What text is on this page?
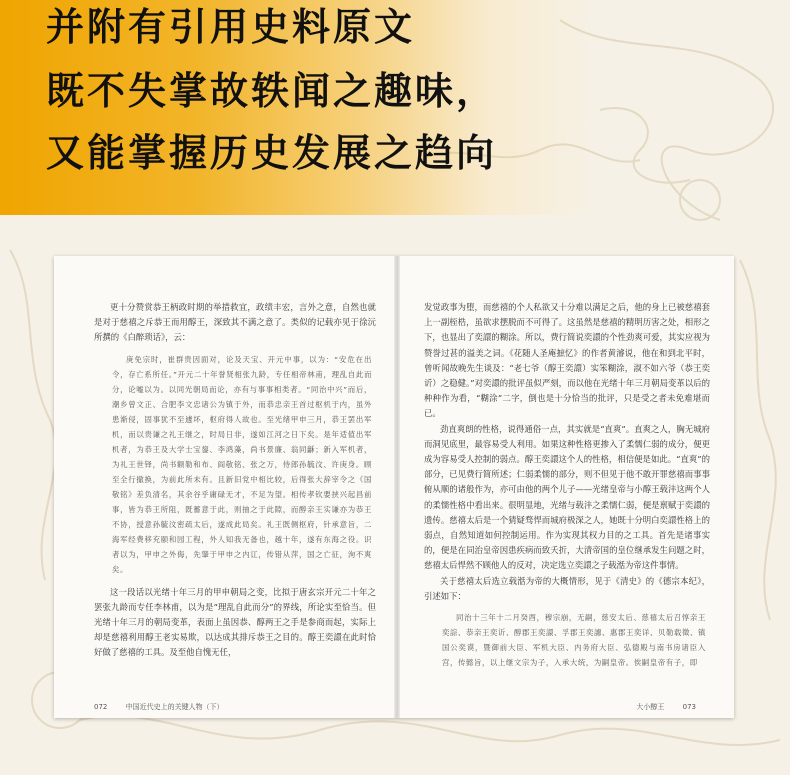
并附有引用史料原文
既不失掌故轶闻之趣味，
又能掌握历史发展之趋向

更十分赞赏恭王柄政时期的举措救宜，政绩丰宏，言外之意，自然也就是对于慈禧之斥恭王而用醇王，深致其不满之意了。类似的记载亦见于徐沅所撰的《白醉琐话》，云：

庚免宗时，崔群贵因面对，论及天宝、开元中事，以为：“安危在出令，存亡系所任。”开元二十年誉贤相张九龄，专任相帝林甫，理乱自此而分，论嘘以为。以同光朝局而论，亦有与事事相类者。“同治中兴”而后，潮乡曾文正、合肥李文忠诸公为镇于外，而恭忠亲王首过枢机于内，虽外患渐侵，固事犹不至遽坏，枢府得人故也。至光绪甲申三月，恭王罢出军机，而以贵谦之礼王继之，时局日非，遂如江河之日下矣。是年适值出军机者，为恭王及大学士宝鋆、李鸿藻，尚书景廉、翁同龢；新入军机者，为礼王世铎，尚书额勒和布、阎敬铭、张之万，侍郎孙毓汶、许庚身。顾至全行撤换，为前此所未有。且新旧党中相比较，后得张大辞宰令之《国敬铭》差负清名，其余谷乎庸碌无才，不足为望。相传孝钦要挟兴起昌前事，皆为恭王所阻，既蓄意于此，则抽之于此隙，而醇亲王实谦亦为恭王不协，授意孙毓汶密疏太后，遂成此局矣。礼王既侧枢府，针承意旨，二海军经费移充颐和园工程，外人知我无备也，越十年，遂有东海之役。识者以为，甲申之外侮，先肇于甲申之内讧，传错从萍，国之亡征，洵不爽矣。

这一段话以光绪十年三月的甲申朝局之变，比拟于唐玄宗开元二十年之罢张九龄而专任李林甫，以为是“理乱自此而分”的界线，所论实至恰当。但光绪十年三月的朝局变革，表面上虽因恭、醇两王之手是参商而起，实际上却是慈禧利用醇王老实易欺，以达成其排斥恭王之目的。醇王奕譞在此时恰好做了慈禧的工具。及至他自愧无任，

发觉政事为堕，而慈禧的个人私欲又十分难以满足之后，他的身上已被慈禧套上一副桎梏，虽欲求摆脱而不可得了。这虽然是慈禧的精明历害之处，相形之下，也显出了奕譞的糊涂。所以，费行简说奕譞的个性劲爽可爱，其实应视为赞誉过甚的溢美之词。《花随人圣庵摭忆》的作者黄濬说，他在和到北平时，曾听闻故晚先生谈及：“老七爷（醇王奕譞）实笨糊涂，淑不如六爷（恭王奕䜣）之稳健。”对奕譞的批评虽似严刻，而以他在光绪十年三月朝局变革以后的种种作为看，“糊涂”二字，倒也是十分恰当的批评，只是受之者未免难堪而已。

劲直爽朗的性格，说得通俗一点，其实就是“直爽”。直爽之人，胸无城府而洞见底里，最容易受人利用。如果这种性格更掺入了柔懦仁弱的成分，便更成为容易受人控制的弱点。醇王奕譞这个人的性格，相信便是如此。“直爽”的部分，已见费行简所述；仁弱柔懦的部分，则不但见于他不敢开罪慈禧而事事俯从顺的诸般作为，亦可由他的两个儿子——光绪皇帝与小醇王载沣这两个人的柔懦性格中看出来。很明显地，光绪与载沣之柔懦仁弱，便是禀赋于奕譞的遗传。慈禧太后是一个猜疑骛悍而城府极深之人，她既十分明白奕譞性格上的弱点，自然知道如何控制运用。作为实现其权力目的之工具。首先是诸事实的，便是在同治皇帝因患疾病而致夭折，大清帝国的皇位继承发生问题之时，慈禧太后悍然不顾他人的反对，决定选立奕譞之子载湉为帝这件事情。

关于慈禧太后选立载湉为帝的大概情形，见于《清史》的《德宗本纪》，引述如下：

同治十三年十二月癸酉，穆宗崩，无嗣，慈安太后、慈禧太后召惇亲王奕誴、恭亲王奕䜣、醇郡王奕譞、孚郡王奕譓、惠郡王奕详、贝勒载徵、镇国公奕谟，暨御前大臣、军机大臣、内务府大臣、弘德殿与南书房诸臣入宫，传懿旨，以上继文宗为子，入承大统，为嗣皇帝。俟嗣皇帝有子，即

072	中国近代史上的关键人物（下）	大小醇王	073
